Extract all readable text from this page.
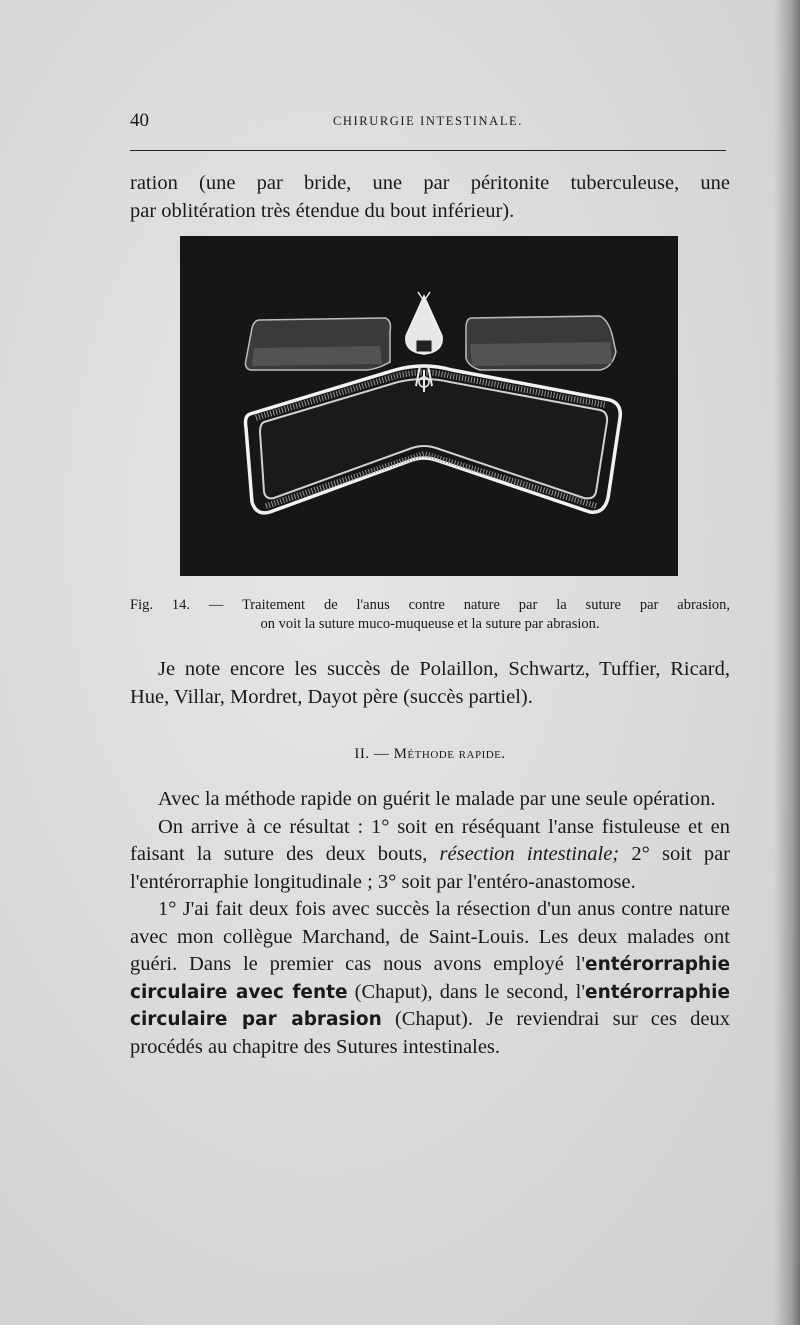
40	CHIRURGIE INTESTINALE.

ration (une par bride, une par péritonite tuberculeuse, une

par oblitération très étendue du bout inférieur).

Fig. 14. — Traitement de l'anus contre nature par la suture par abrasion,
on voit la suture muco-muqueuse et la suture par abrasion.

Je note encore les succès de Polaillon, Schwartz, Tuffier, Ricard, Hue, Villar, Mordret, Dayot père (succès partiel).

II. — Méthode rapide.

Avec la méthode rapide on guérit le malade par une seule opération.

On arrive à ce résultat : 1° soit en réséquant l'anse fistuleuse et en faisant la suture des deux bouts, résection intestinale; 2° soit par l'entérorraphie longitudinale ; 3° soit par l'entéro-anastomose.

1° J'ai fait deux fois avec succès la résection d'un anus contre nature avec mon collègue Marchand, de Saint-Louis. Les deux malades ont guéri. Dans le premier cas nous avons employé l'entérorraphie circulaire avec fente (Chaput), dans le second, l'entérorraphie circulaire par abrasion (Chaput). Je reviendrai sur ces deux procédés au chapitre des Sutures intestinales.
